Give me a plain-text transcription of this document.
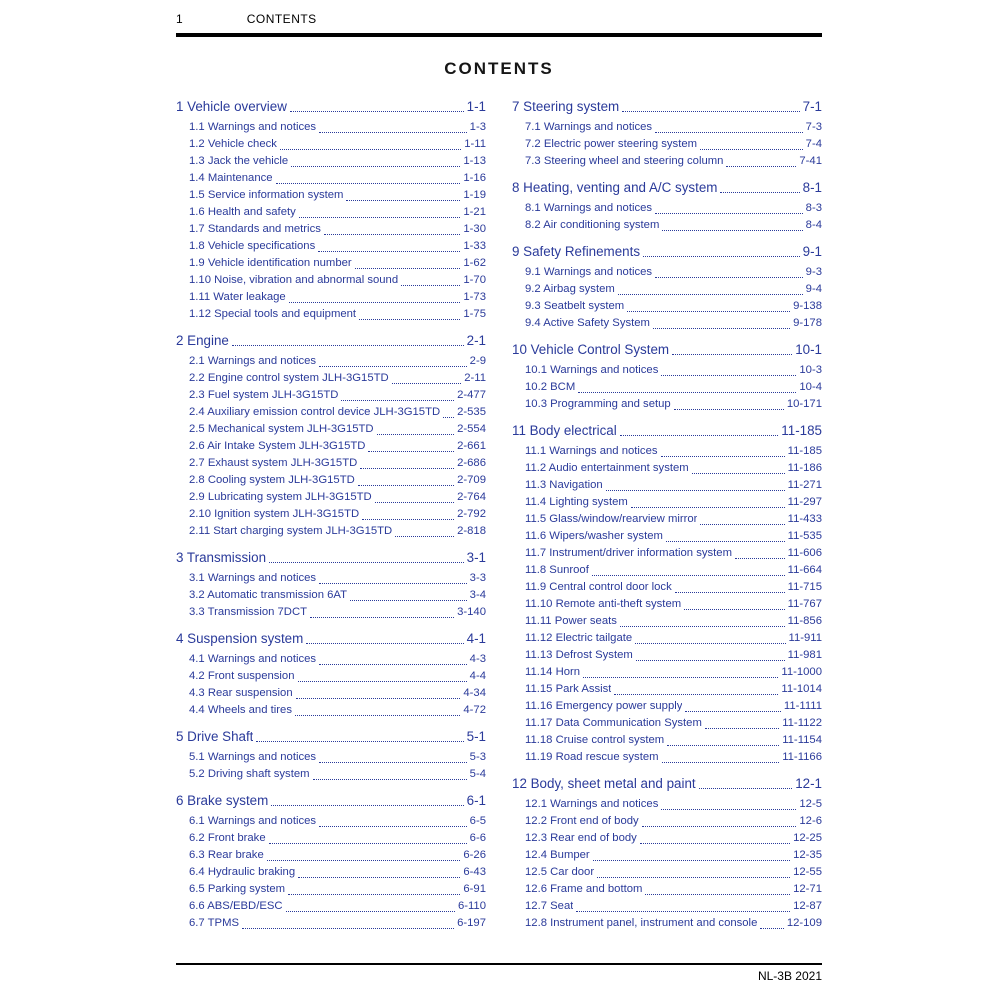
1	CONTENTS
CONTENTS
1 Vehicle overview	1-1
1.1 Warnings and notices	1-3
1.2 Vehicle check	1-11
1.3 Jack the vehicle	1-13
1.4 Maintenance	1-16
1.5 Service information system	1-19
1.6 Health and safety	1-21
1.7 Standards and metrics	1-30
1.8 Vehicle specifications	1-33
1.9 Vehicle identification number	1-62
1.10 Noise, vibration and abnormal sound	1-70
1.11 Water leakage	1-73
1.12 Special tools and equipment	1-75
2 Engine	2-1
2.1 Warnings and notices	2-9
2.2 Engine control system JLH-3G15TD	2-11
2.3 Fuel system JLH-3G15TD	2-477
2.4 Auxiliary emission control device JLH-3G15TD 2-535
2.5 Mechanical system JLH-3G15TD	2-554
2.6 Air Intake System JLH-3G15TD	2-661
2.7 Exhaust system JLH-3G15TD	2-686
2.8 Cooling system JLH-3G15TD	2-709
2.9 Lubricating system JLH-3G15TD	2-764
2.10 Ignition system JLH-3G15TD	2-792
2.11 Start charging system JLH-3G15TD	2-818
3 Transmission	3-1
3.1 Warnings and notices	3-3
3.2 Automatic transmission 6AT	3-4
3.3 Transmission 7DCT	3-140
4 Suspension system	4-1
4.1 Warnings and notices	4-3
4.2 Front suspension	4-4
4.3 Rear suspension	4-34
4.4 Wheels and tires	4-72
5 Drive Shaft	5-1
5.1 Warnings and notices	5-3
5.2 Driving shaft system	5-4
6 Brake system	6-1
6.1 Warnings and notices	6-5
6.2 Front brake	6-6
6.3 Rear brake	6-26
6.4 Hydraulic braking	6-43
6.5 Parking system	6-91
6.6 ABS/EBD/ESC	6-110
6.7 TPMS	6-197
7 Steering system	7-1
7.1 Warnings and notices	7-3
7.2 Electric power steering system	7-4
7.3 Steering wheel and steering column	7-41
8 Heating, venting and A/C system	8-1
8.1 Warnings and notices	8-3
8.2 Air conditioning system	8-4
9 Safety Refinements	9-1
9.1 Warnings and notices	9-3
9.2 Airbag system	9-4
9.3 Seatbelt system	9-138
9.4 Active Safety System	9-178
10 Vehicle Control System	10-1
10.1 Warnings and notices	10-3
10.2 BCM	10-4
10.3 Programming and setup	10-171
11 Body electrical	11-185
11.1 Warnings and notices	11-185
11.2 Audio entertainment system	11-186
11.3 Navigation	11-271
11.4 Lighting system	11-297
11.5 Glass/window/rearview mirror	11-433
11.6 Wipers/washer system	11-535
11.7 Instrument/driver information system	11-606
11.8 Sunroof	11-664
11.9 Central control door lock	11-715
11.10 Remote anti-theft system	11-767
11.11 Power seats	11-856
11.12 Electric tailgate	11-911
11.13 Defrost System	11-981
11.14 Horn	11-1000
11.15 Park Assist	11-1014
11.16 Emergency power supply	11-1111
11.17 Data Communication System	11-1122
11.18 Cruise control system	11-1154
11.19 Road rescue system	11-1166
12 Body, sheet metal and paint	12-1
12.1 Warnings and notices	12-5
12.2 Front end of body	12-6
12.3 Rear end of body	12-25
12.4 Bumper	12-35
12.5 Car door	12-55
12.6 Frame and bottom	12-71
12.7 Seat	12-87
12.8 Instrument panel, instrument and console	12-109
NL-3B 2021
